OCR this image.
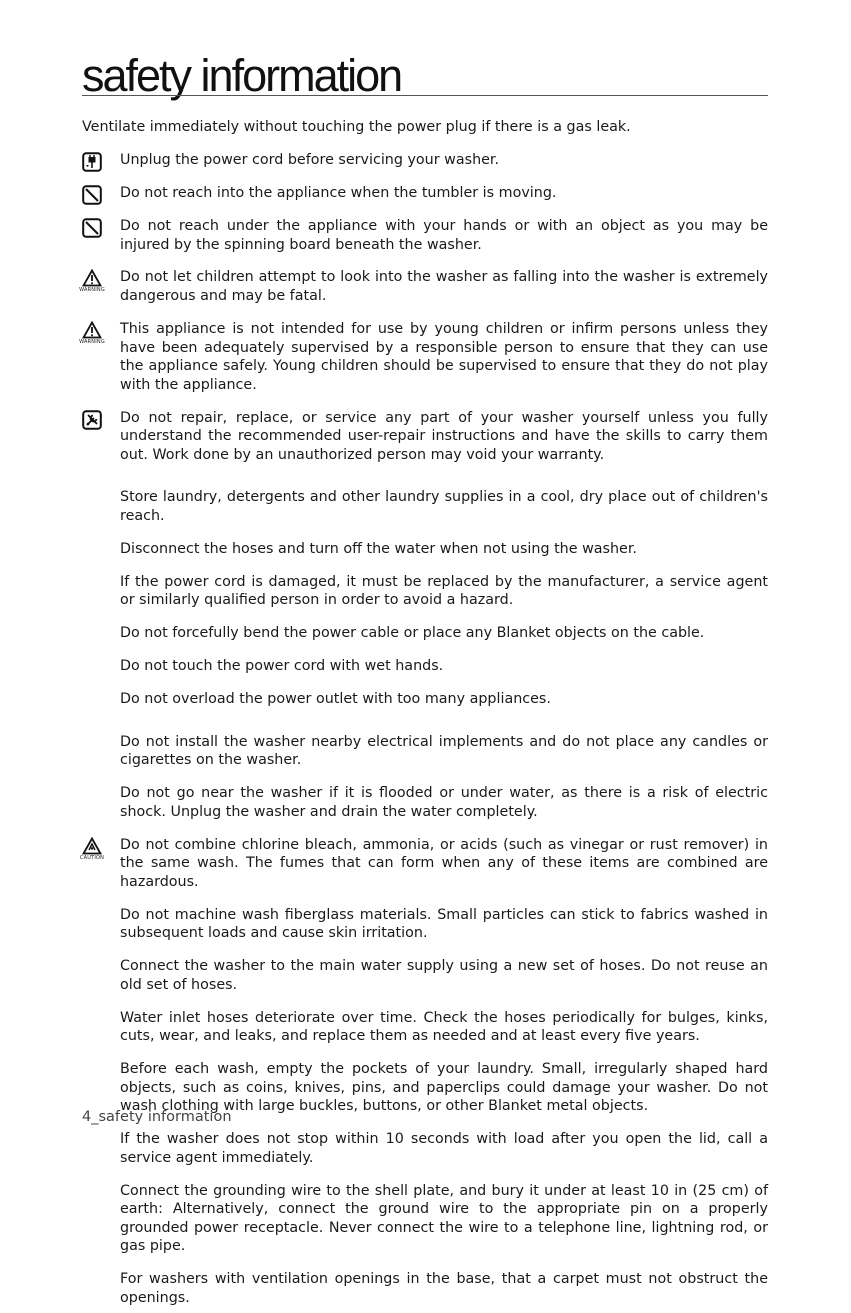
safety information

Ventilate immediately without touching the power plug if there is a gas leak.

Unplug the power cord before servicing your washer.

Do not reach into the appliance when the tumbler is moving.

Do not reach under the appliance with your hands or with an object as you may be injured by the spinning board beneath the washer.

WARNING
Do not let children attempt to look into the washer as falling into the washer is extremely dangerous and may be fatal.

WARNING
This appliance is not intended for use by young children or infirm persons unless they have been adequately supervised by a responsible person to ensure that they can use the appliance safely. Young children should be supervised to ensure that they do not play with the appliance.

Do not repair, replace, or service any part of your washer yourself unless you fully understand the recommended user-repair instructions and have the skills to carry them out. Work done by an unauthorized person may void your warranty.

Store laundry, detergents and other laundry supplies in a cool, dry place out of children's reach.

Disconnect the hoses and turn off the water when not using the washer.

If the power cord is damaged, it must be replaced by the manufacturer, a service agent or similarly qualified person in order to avoid a hazard.

Do not forcefully bend the power cable or place any Blanket objects on the cable.

Do not touch the power cord with wet hands.

Do not overload the power outlet with too many appliances.

Do not install the washer nearby electrical implements and do not place any candles or cigarettes on the washer.

Do not go near the washer if it is flooded or under water, as there is a risk of electric shock. Unplug the washer and drain the water completely.

CAUTION
Do not combine chlorine bleach, ammonia, or acids (such as vinegar or rust remover) in the same wash. The fumes that can form when any of these items are combined are hazardous.

Do not machine wash fiberglass materials. Small particles can stick to fabrics washed in subsequent loads and cause skin irritation.

Connect the washer to the main water supply using a new set of hoses. Do not reuse an old set of hoses.

Water inlet hoses deteriorate over time. Check the hoses periodically for bulges, kinks, cuts, wear, and leaks, and replace them as needed and at least every five years.

Before each wash, empty the pockets of your laundry. Small, irregularly shaped hard objects, such as coins, knives, pins, and paperclips could damage your washer. Do not wash clothing with large buckles, buttons, or other Blanket metal objects.

If the washer does not stop within 10 seconds with load after you open the lid, call a service agent immediately.

Connect the grounding wire to the shell plate, and bury it under at least 10 in (25 cm) of earth: Alternatively, connect the ground wire to the appropriate pin on a properly grounded power receptacle. Never connect the wire to a telephone line, lightning rod, or gas pipe.

For washers with ventilation openings in the base, that a carpet must not obstruct the openings.

4_safety information
